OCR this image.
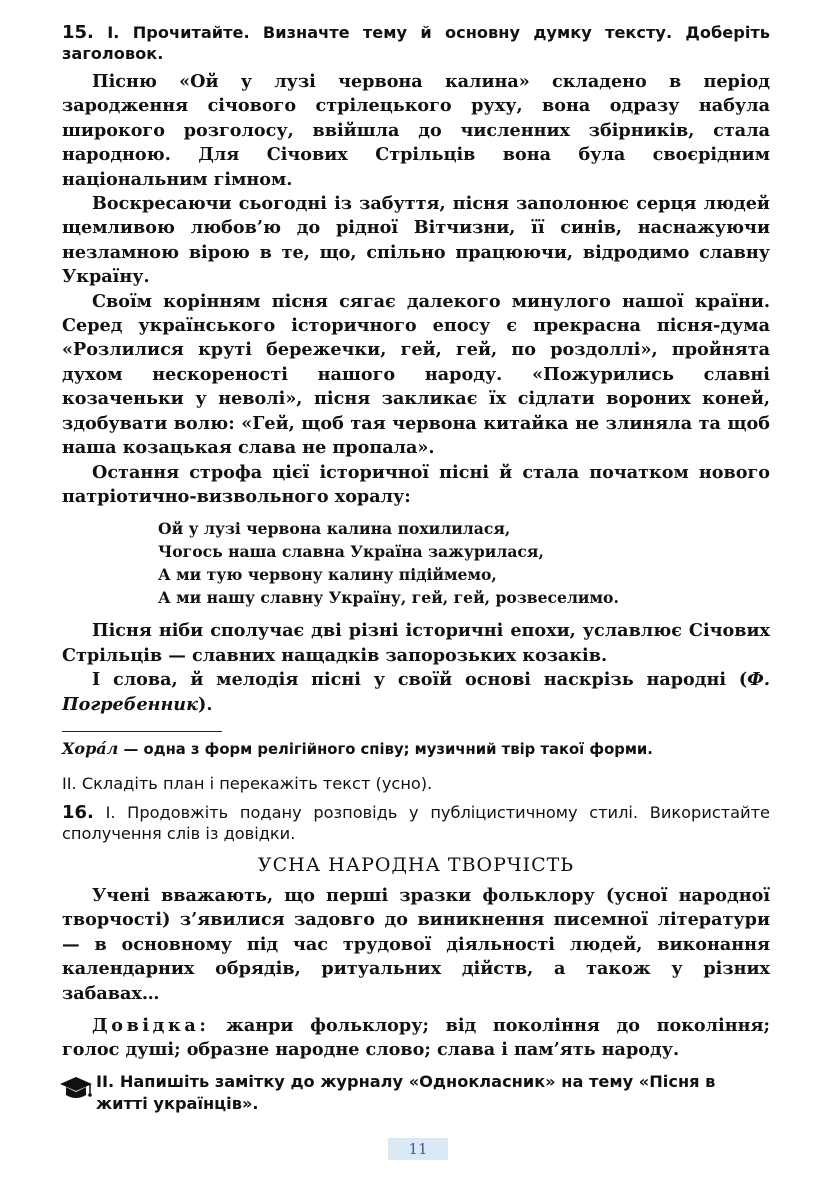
15. І. Прочитайте. Визначте тему й основну думку тексту. Доберіть заголовок.

Пісню «Ой у лузі червона калина» складено в період зародження січового стрілецького руху, вона одразу набула широкого розголосу, ввійшла до численних збірників, стала народною. Для Січових Стрільців вона була своєрідним національним гімном.

Воскресаючи сьогодні із забуття, пісня заполонює серця людей щемливою любов’ю до рідної Вітчизни, її синів, наснажуючи незламною вірою в те, що, спільно працюючи, відродимо славну Україну.

Своїм корінням пісня сягає далекого минулого нашої країни. Серед українського історичного епосу є прекрасна пісня-дума «Розлилися круті бережечки, гей, гей, по роздоллі», пройнята духом нескореності нашого народу. «Пожурились славні козаченьки у неволі», пісня закликає їх сідлати вороних коней, здобувати волю: «Гей, щоб тая червона китайка не злиняла та щоб наша козацькая слава не пропала».

Остання строфа цієї історичної пісні й стала початком нового патріотично-визвольного хоралу:

Ой у лузі червона калина похилилася,
Чогось наша славна Україна зажурилася,
А ми тую червону калину підіймемо,
А ми нашу славну Україну, гей, гей, розвеселимо.

Пісня ніби сполучає дві різні історичні епохи, уславлює Січових Стрільців — славних нащадків запорозьких козаків.

І слова, й мелодія пісні у своїй основі наскрізь народні (Ф. Погребенник).

Хора́л — одна з форм релігійного співу; музичний твір такої форми.
ІІ. Складіть план і перекажіть текст (усно).
16. І. Продовжіть подану розповідь у публіцистичному стилі. Використайте сполучення слів із довідки.
УСНА НАРОДНА ТВОРЧІСТЬ

Учені вважають, що перші зразки фольклору (усної народної творчості) з’явилися задовго до виникнення писемної літератури — в основному під час трудової діяльності людей, виконання календарних обрядів, ритуальних дійств, а також у різних забавах…

Довідка: жанри фольклору; від покоління до покоління; голос душі; образне народне слово; слава і пам’ять народу.

ІІ. Напишіть замітку до журналу «Однокласник» на тему «Пісня в житті українців».
11
